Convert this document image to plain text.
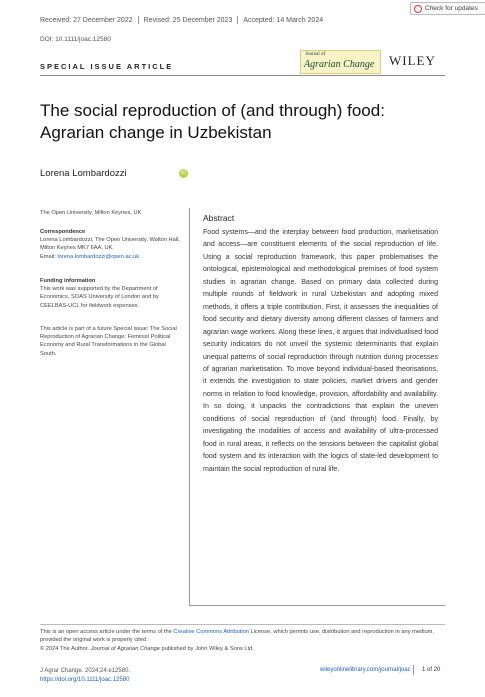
Received: 27 December 2022 Revised: 25 December 2023 Accepted: 14 March 2024
DOI: 10.1111/joac.12580
Check for updates
SPECIAL ISSUE ARTICLE
Journal of
Agrarian Change WILEY
The social reproduction of (and through) food: Agrarian change in Uzbekistan
Lorena Lombardozzi	iD
The Open University, Milton Keynes, UK
Correspondence
Lorena Lombardozzi, The Open University, Walton Hall, Milton Keynes MK7 6AA, UK.
Email: lorena.lombardozzi@open.ac.uk
Funding information
This work was supported by the Department of Economics, SOAS University of London and by CEELBAS-UCL for fieldwork expenses.
This article is part of a future Special issue: The Social Reproduction of Agrarian Change: Feminist Political Economy and Rural Transformations in the Global South.
Abstract
Food systems—and the interplay between food production, marketisation and access—are constituent elements of the social reproduction of life. Using a social reproduction framework, this paper problematises the ontological, epistemological and methodological premises of food system studies in agrarian change. Based on primary data collected during multiple rounds of fieldwork in rural Uzbekistan and adopting mixed methods, it offers a triple contribution. First, it assesses the inequalities of food security and dietary diversity among different classes of farmers and agrarian wage workers. Along these lines, it argues that individualised food security indicators do not unveil the systemic determinants that explain unequal patterns of social reproduction through nutrition during processes of agrarian marketisation. To move beyond individual-based theorisations, it extends the investigation to state policies, market drivers and gender norms in relation to food knowledge, provision, affordability and availability. In so doing, it unpacks the contradictions that explain the uneven conditions of social reproduction of (and through) food. Finally, by investigating the modalities of access and availability of ultra-processed food in rural areas, it reflects on the tensions between the capitalist global food system and its interaction with the logics of state-led development to maintain the social reproduction of rural life.
This is an open access article under the terms of the Creative Commons Attribution License, which permits use, distribution and reproduction in any medium, provided the original work is properly cited.
© 2024 The Author. Journal of Agrarian Change published by John Wiley & Sons Ltd.
J Agrar Change. 2024;24:e12580.
https://doi.org/10.1111/joac.12580
wileyonlinelibrary.com/journal/joac 1 of 20
